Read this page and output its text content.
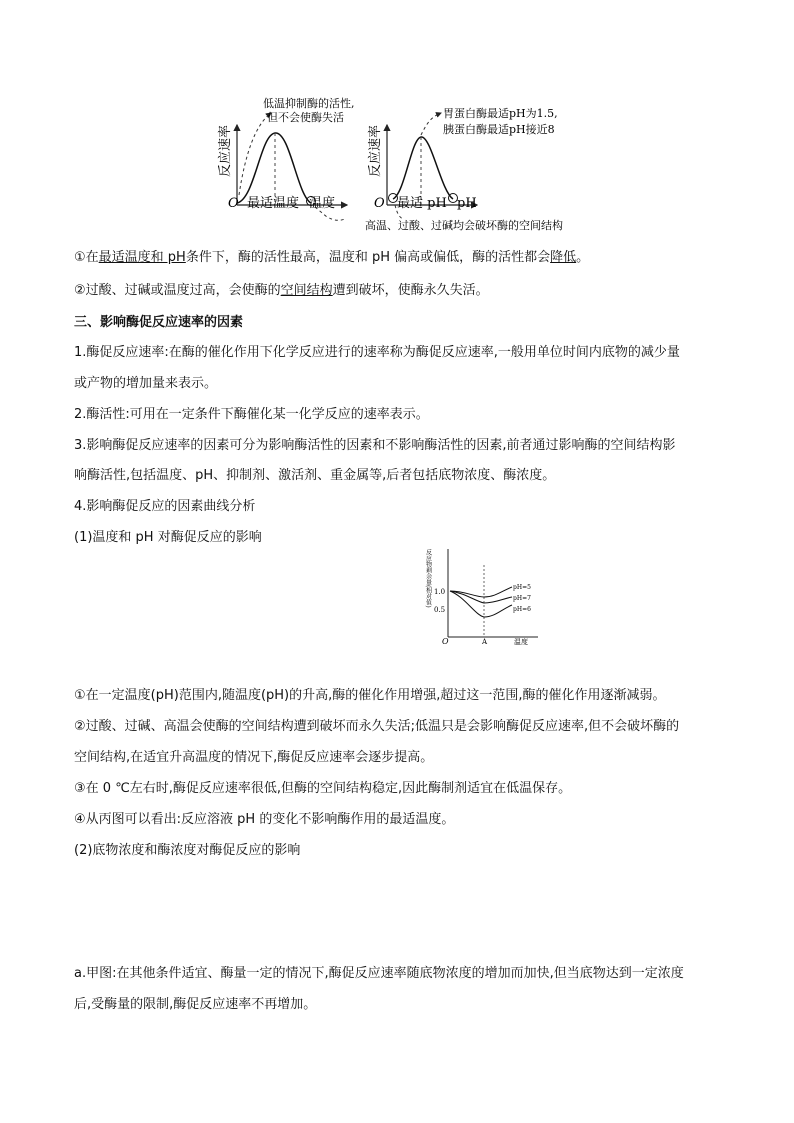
反应速率
O 最适温度 温度
低温抑制酶的活性,
但不会使酶失活
反应速率
O 最适 pH pH
胃蛋白酶最适pH为1.5,
胰蛋白酶最适pH接近8
高温、过酸、过碱均会破坏酶的空间结构
①在最适温度和 pH条件下，酶的活性最高，温度和 pH 偏高或偏低，酶的活性都会降低。
②过酸、过碱或温度过高，会使酶的空间结构遭到破坏，使酶永久失活。
三、影响酶促反应速率的因素
1.酶促反应速率:在酶的催化作用下化学反应进行的速率称为酶促反应速率,一般用单位时间内底物的减少量
或产物的增加量来表示。
2.酶活性:可用在一定条件下酶催化某一化学反应的速率表示。
3.影响酶促反应速率的因素可分为影响酶活性的因素和不影响酶活性的因素,前者通过影响酶的空间结构影
响酶活性,包括温度、pH、抑制剂、激活剂、重金属等,后者包括底物浓度、酶浓度。
4.影响酶促反应的因素曲线分析
(1)温度和 pH 对酶促反应的影响
反应物剩余量(相对值) 1.0
0.5
O	A	温度
pH=5
pH=7
pH=6
①在一定温度(pH)范围内,随温度(pH)的升高,酶的催化作用增强,超过这一范围,酶的催化作用逐渐减弱。
②过酸、过碱、高温会使酶的空间结构遭到破坏而永久失活;低温只是会影响酶促反应速率,但不会破坏酶的
空间结构,在适宜升高温度的情况下,酶促反应速率会逐步提高。
③在 0 ℃左右时,酶促反应速率很低,但酶的空间结构稳定,因此酶制剂适宜在低温保存。
④从丙图可以看出:反应溶液 pH 的变化不影响酶作用的最适温度。
(2)底物浓度和酶浓度对酶促反应的影响
a.甲图:在其他条件适宜、酶量一定的情况下,酶促反应速率随底物浓度的增加而加快,但当底物达到一定浓度
后,受酶量的限制,酶促反应速率不再增加。
